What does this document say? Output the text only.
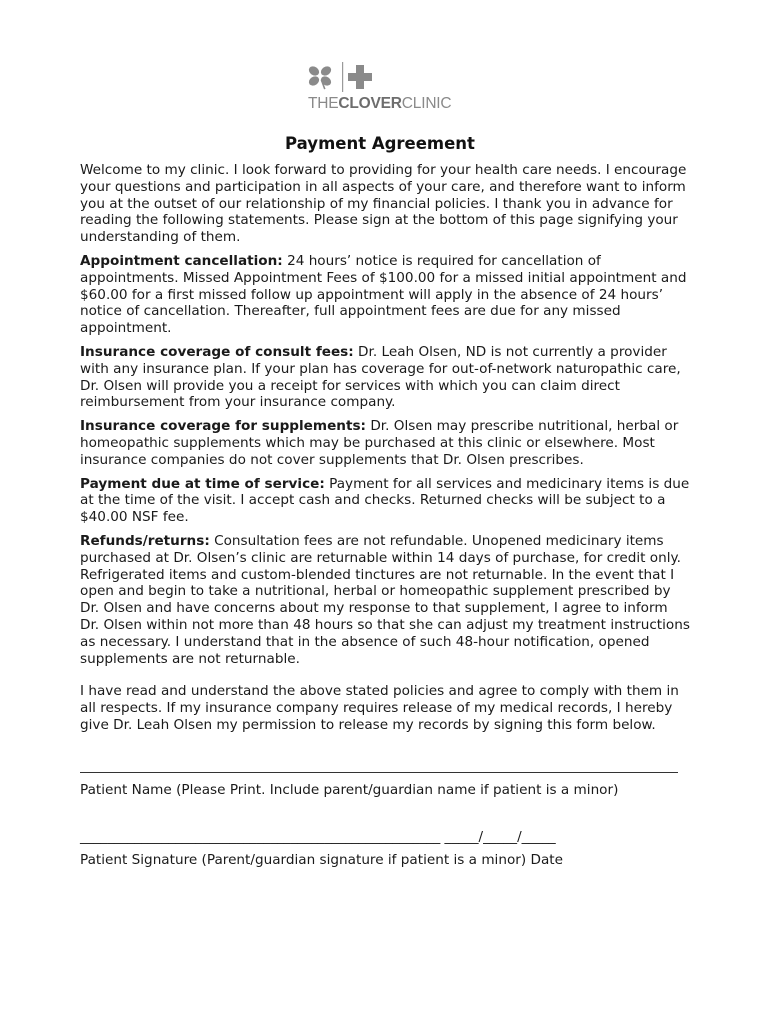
THECLOVERCLINIC
Payment Agreement

Welcome to my clinic. I look forward to providing for your health care needs. I encourage your questions and participation in all aspects of your care, and therefore want to inform you at the outset of our relationship of my financial policies. I thank you in advance for reading the following statements. Please sign at the bottom of this page signifying your understanding of them.

Appointment cancellation: 24 hours’ notice is required for cancellation of appointments. Missed Appointment Fees of $100.00 for a missed initial appointment and $60.00 for a first missed follow up appointment will apply in the absence of 24 hours’ notice of cancellation. Thereafter, full appointment fees are due for any missed appointment.

Insurance coverage of consult fees: Dr. Leah Olsen, ND is not currently a provider with any insurance plan. If your plan has coverage for out-of-network naturopathic care, Dr. Olsen will provide you a receipt for services with which you can claim direct reimbursement from your insurance company.

Insurance coverage for supplements: Dr. Olsen may prescribe nutritional, herbal or homeopathic supplements which may be purchased at this clinic or elsewhere. Most insurance companies do not cover supplements that Dr. Olsen prescribes.

Payment due at time of service: Payment for all services and medicinary items is due at the time of the visit. I accept cash and checks. Returned checks will be subject to a $40.00 NSF fee.

Refunds/returns: Consultation fees are not refundable. Unopened medicinary items purchased at Dr. Olsen’s clinic are returnable within 14 days of purchase, for credit only. Refrigerated items and custom-blended tinctures are not returnable. In the event that I open and begin to take a nutritional, herbal or homeopathic supplement prescribed by Dr. Olsen and have concerns about my response to that supplement, I agree to inform Dr. Olsen within not more than 48 hours so that she can adjust my treatment instructions as necessary. I understand that in the absence of such 48-hour notification, opened supplements are not returnable.

I have read and understand the above stated policies and agree to comply with them in all respects. If my insurance company requires release of my medical records, I hereby give Dr. Leah Olsen my permission to release my records by signing this form below.

Patient Name (Please Print. Include parent/guardian name if patient is a minor)
_____________________________________________________ _____/_____/_____
Patient Signature (Parent/guardian signature if patient is a minor) Date
